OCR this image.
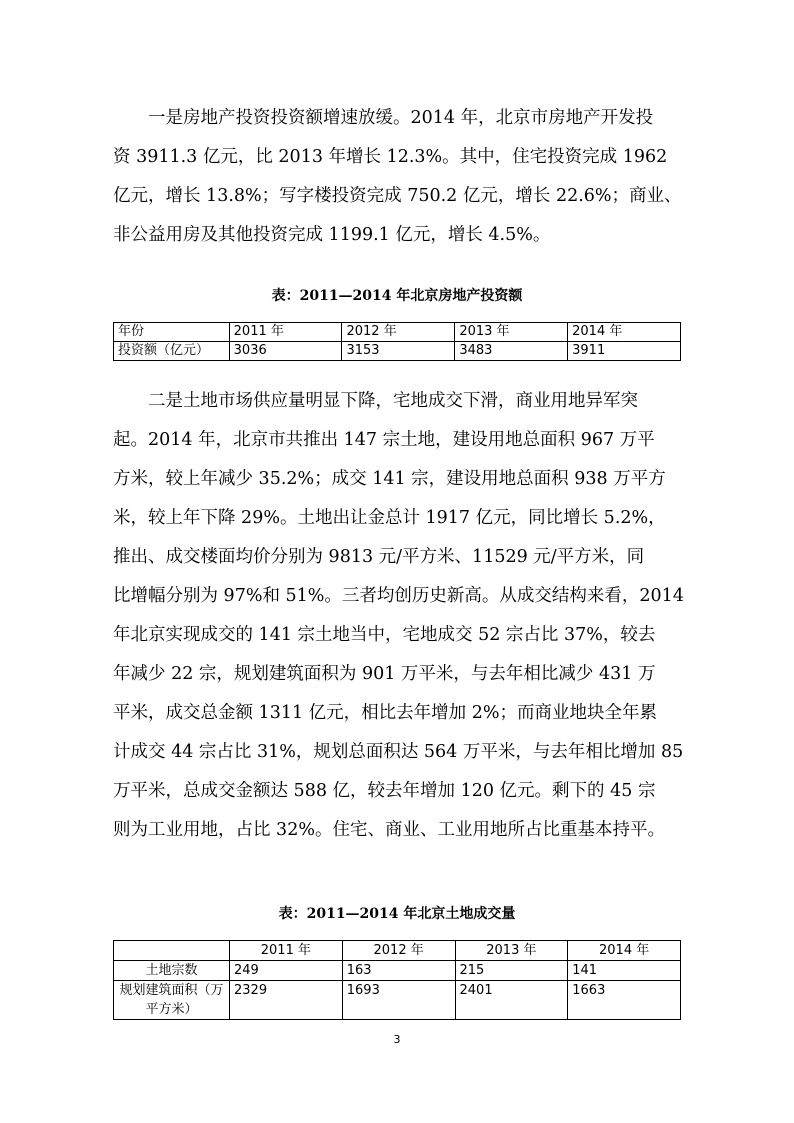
一是房地产投资投资额增速放缓。2014 年，北京市房地产开发投
资 3911.3 亿元，比 2013 年增长 12.3%。其中，住宅投资完成 1962
亿元，增长 13.8%；写字楼投资完成 750.2 亿元，增长 22.6%；商业、
非公益用房及其他投资完成 1199.1 亿元，增长 4.5%。

表：2011—2014 年北京房地产投资额

年份	2011 年	2012 年	2013 年	2014 年
投资额（亿元）	3036	3153	3483	3911
二是土地市场供应量明显下降，宅地成交下滑，商业用地异军突
起。2014 年，北京市共推出 147 宗土地，建设用地总面积 967 万平
方米，较上年减少 35.2%；成交 141 宗，建设用地总面积 938 万平方
米，较上年下降 29%。土地出让金总计 1917 亿元，同比增长 5.2%，
推出、成交楼面均价分别为 9813 元/平方米、11529 元/平方米，同
比增幅分别为 97%和 51%。三者均创历史新高。从成交结构来看，2014
年北京实现成交的 141 宗土地当中，宅地成交 52 宗占比 37%，较去
年减少 22 宗，规划建筑面积为 901 万平米，与去年相比减少 431 万
平米，成交总金额 1311 亿元，相比去年增加 2%；而商业地块全年累
计成交 44 宗占比 31%，规划总面积达 564 万平米，与去年相比增加 85
万平米，总成交金额达 588 亿，较去年增加 120 亿元。剩下的 45 宗
则为工业用地，占比 32%。住宅、商业、工业用地所占比重基本持平。

表：2011—2014 年北京土地成交量

	2011 年	2012 年	2013 年	2014 年
土地宗数	249	163	215	141
规划建筑面积（万平方米）	2329	1693	2401	1663
3
